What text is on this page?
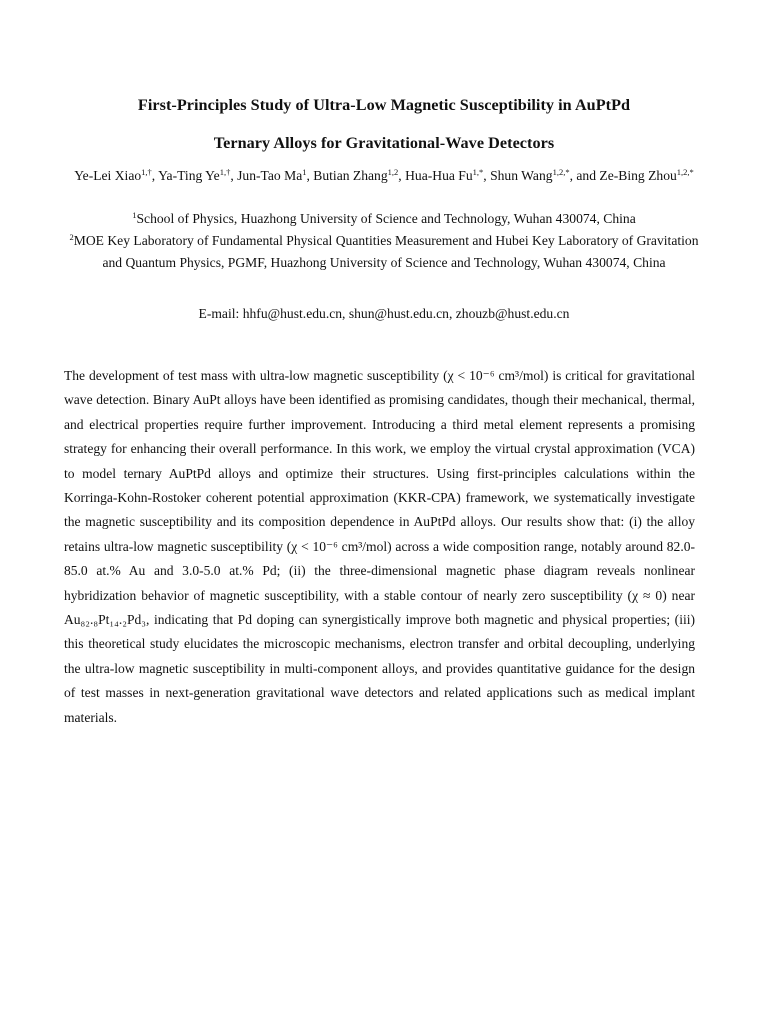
First-Principles Study of Ultra-Low Magnetic Susceptibility in AuPtPd
Ternary Alloys for Gravitational-Wave Detectors
Ye-Lei Xiao$^{1,\dagger}$, Ya-Ting $Ye^{1,\dagger}$, Jun-Tao Ma$^1$, Butian Zhang$^{1,2}$, Hua-Hua $Fu^{1,*}$, Shun Wang$^{1,2,*}$, and Ze-Bing Zhou$^{1,2,*}$

$^1$School of Physics, Huazhong University of Science and Technology, Wuhan 430074, China

$^2$MOE Key Laboratory of Fundamental Physical Quantities Measurement and Hubei Key Laboratory of Gravitation and Quantum Physics, PGMF, Huazhong University of Science and Technology, Wuhan 430074, China

E-mail: hhfu@hust.edu.cn, shun@hust.edu.cn, zhouzb@hust.edu.cn

The development of test mass with ultra-low magnetic susceptibility (χ < 10⁻⁶ cm³/mol) is critical for gravitational wave detection. Binary AuPt alloys have been identified as promising candidates, though their mechanical, thermal, and electrical properties require further improvement. Introducing a third metal element represents a promising strategy for enhancing their overall performance. In this work, we employ the virtual crystal approximation (VCA) to model ternary AuPtPd alloys and optimize their structures. Using first-principles calculations within the Korringa-Kohn-Rostoker coherent potential approximation (KKR-CPA) framework, we systematically investigate the magnetic susceptibility and its composition dependence in AuPtPd alloys. Our results show that: (i) the alloy retains ultra-low magnetic susceptibility (χ < 10⁻⁶ cm³/mol) across a wide composition range, notably around 82.0-85.0 at.% Au and 3.0-5.0 at.% Pd; (ii) the three-dimensional magnetic phase diagram reveals nonlinear hybridization behavior of magnetic susceptibility, with a stable contour of nearly zero susceptibility (χ ≈ 0) near Au₈₂.₈Pt₁₄.₂Pd₃, indicating that Pd doping can synergistically improve both magnetic and physical properties; (iii) this theoretical study elucidates the microscopic mechanisms, electron transfer and orbital decoupling, underlying the ultra-low magnetic susceptibility in multi-component alloys, and provides quantitative guidance for the design of test masses in next-generation gravitational wave detectors and related applications such as medical implant materials.
